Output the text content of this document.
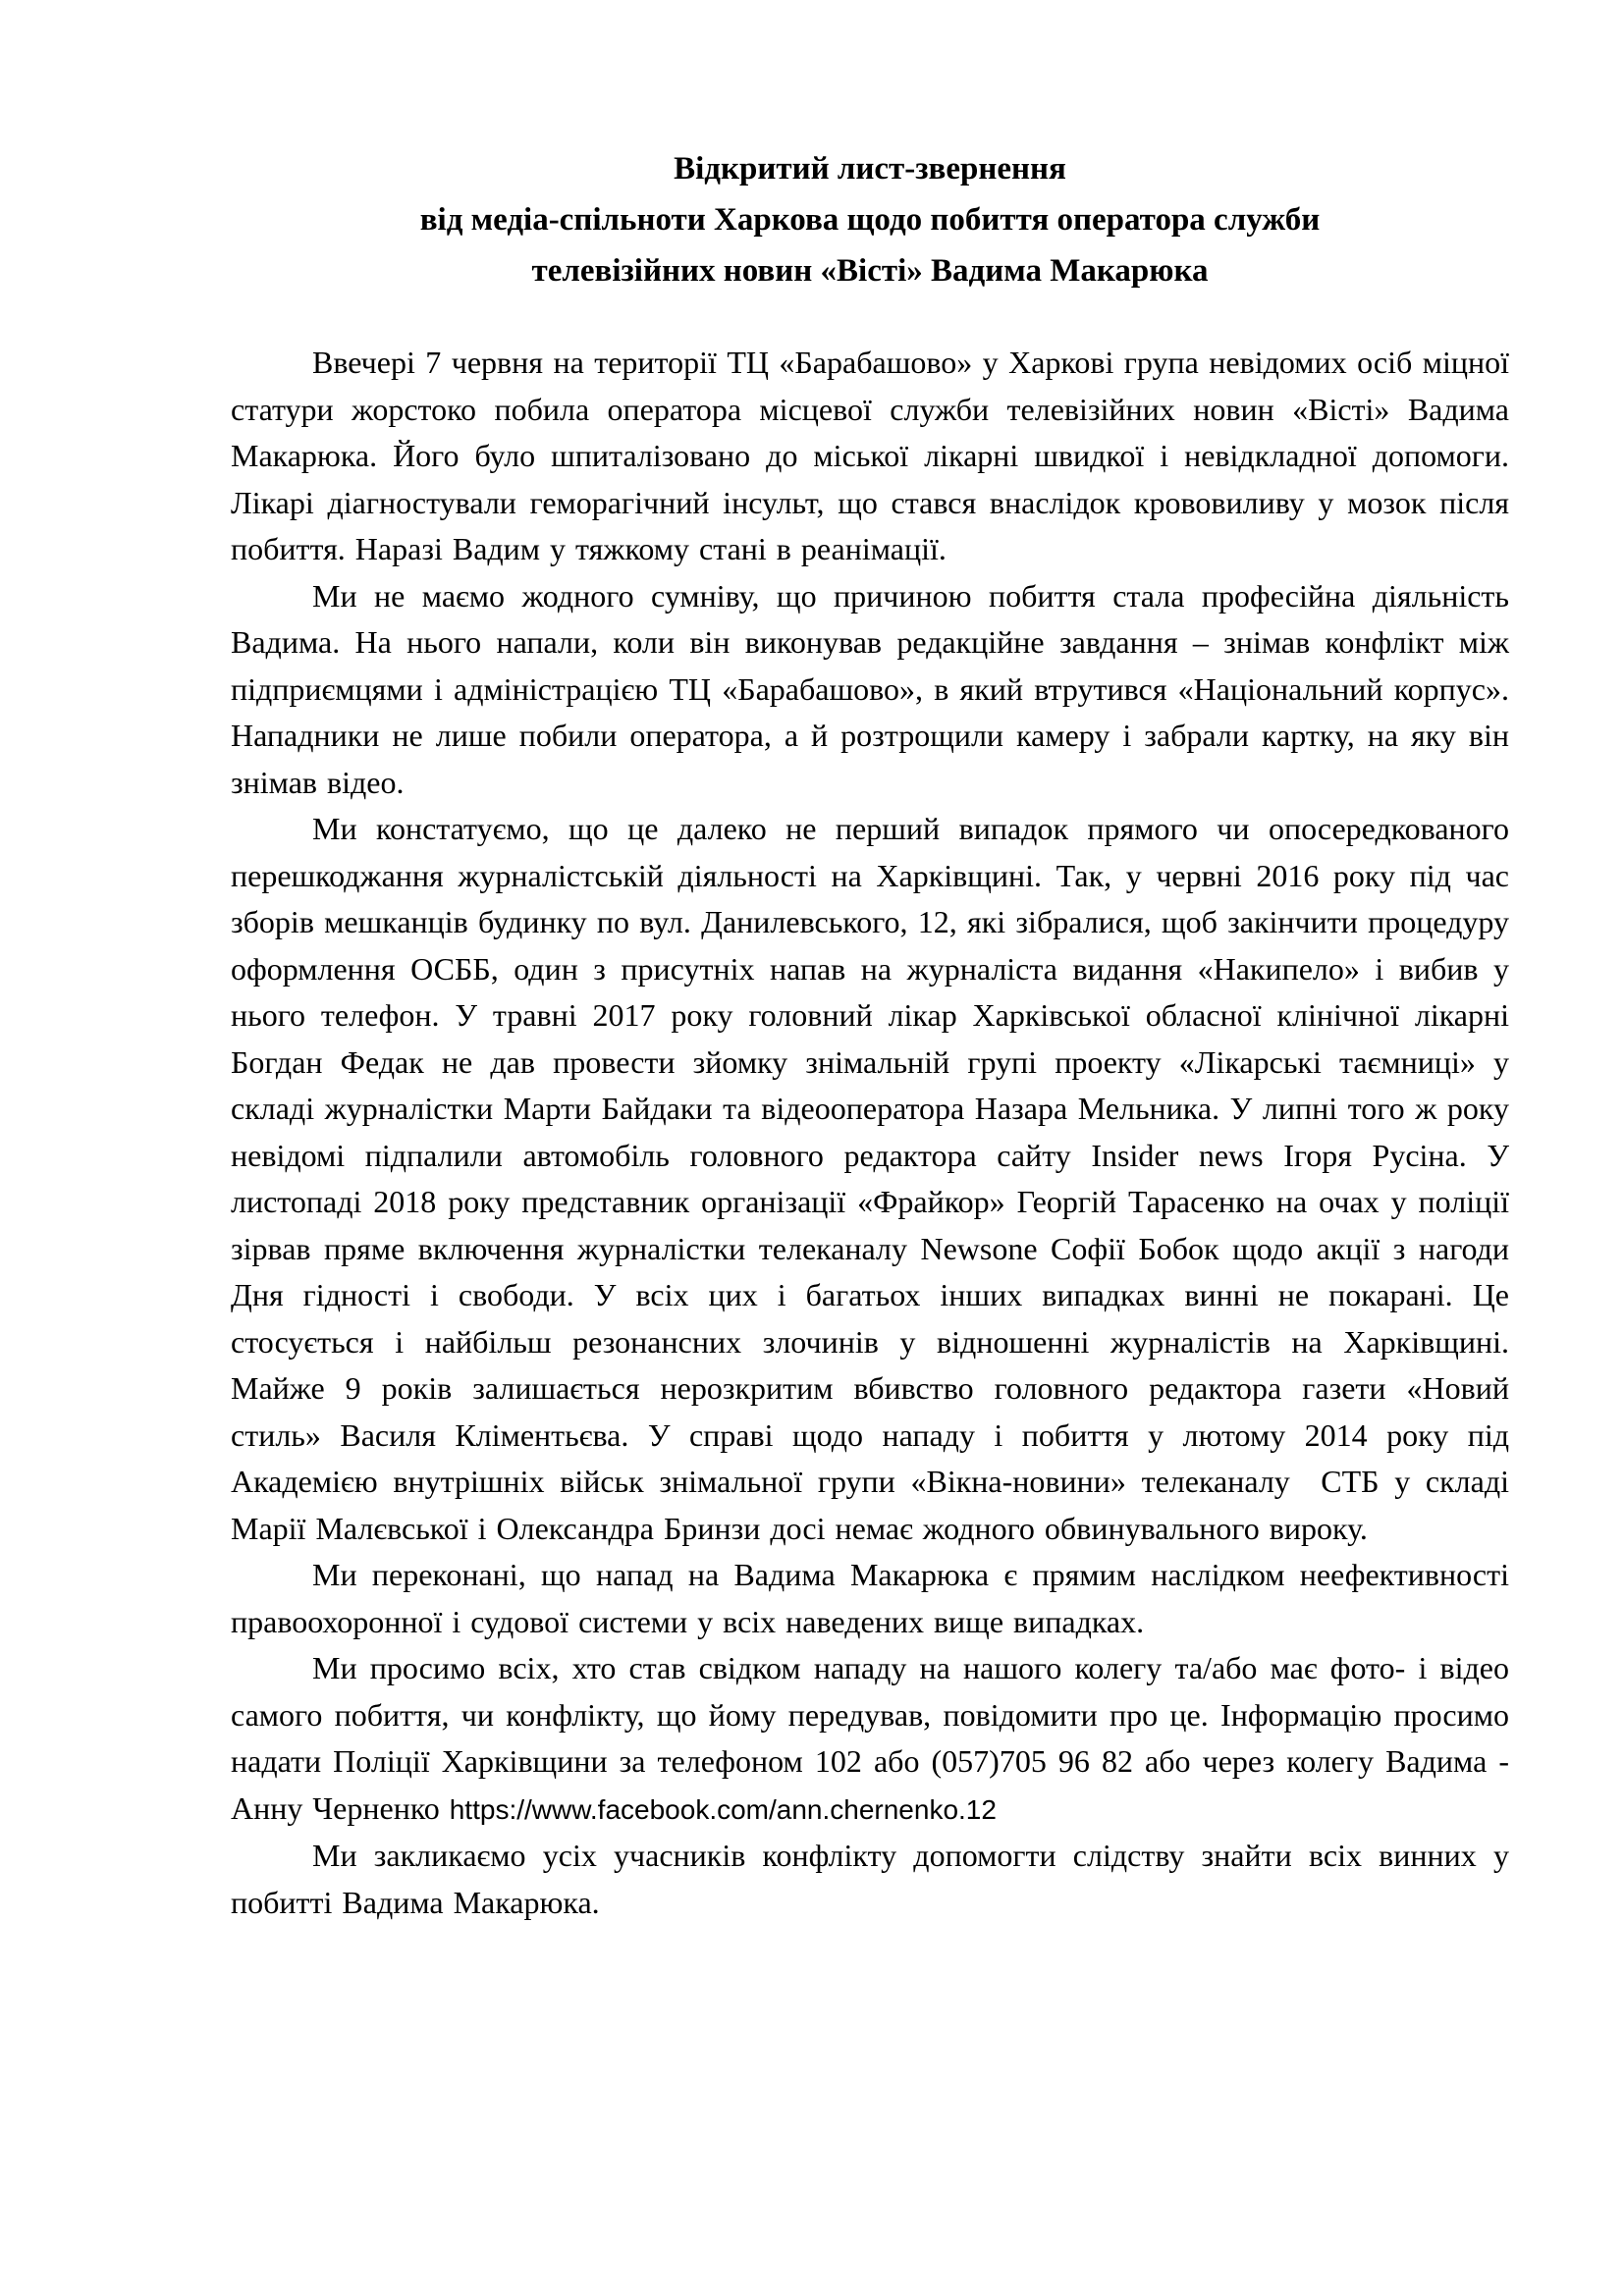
Відкритий лист-звернення
від медіа-спільноти Харкова щодо побиття оператора служби
телевізійних новин «Вісті» Вадима Макарюка

Ввечері 7 червня на території ТЦ «Барабашово» у Харкові група невідомих осіб міцної статури жорстоко побила оператора місцевої служби телевізійних новин «Вісті» Вадима Макарюка. Його було шпиталізовано до міської лікарні швидкої і невідкладної допомоги. Лікарі діагностували геморагічний інсульт, що стався внаслідок крововиливу у мозок після побиття. Наразі Вадим у тяжкому стані в реанімації.

Ми не маємо жодного сумніву, що причиною побиття стала професійна діяльність Вадима. На нього напали, коли він виконував редакційне завдання – знімав конфлікт між підприємцями і адміністрацією ТЦ «Барабашово», в який втрутився «Національний корпус». Нападники не лише побили оператора, а й розтрощили камеру і забрали картку, на яку він знімав відео.

Ми констатуємо, що це далеко не перший випадок прямого чи опосередкованого перешкоджання журналістській діяльності на Харківщині. Так, у червні 2016 року під час зборів мешканців будинку по вул. Данилевського, 12, які зібралися, щоб закінчити процедуру оформлення ОСББ, один з присутніх напав на журналіста видання «Накипело» і вибив у нього телефон. У травні 2017 року головний лікар Харківської обласної клінічної лікарні Богдан Федак не дав провести зйомку знімальній групі проекту «Лікарські таємниці» у складі журналістки Марти Байдаки та відеооператора Назара Мельника. У липні того ж року невідомі підпалили автомобіль головного редактора сайту Insider news Ігоря Русіна. У листопаді 2018 року представник організації «Фрайкор» Георгій Тарасенко на очах у поліції зірвав пряме включення журналістки телеканалу Newsone Софії Бобок щодо акції з нагоди Дня гідності і свободи. У всіх цих і багатьох інших випадках винні не покарані. Це стосується і найбільш резонансних злочинів у відношенні журналістів на Харківщині. Майже 9 років залишається нерозкритим вбивство головного редактора газети «Новий стиль» Василя Кліментьєва. У справі щодо нападу і побиття у лютому 2014 року під Академією внутрішніх військ знімальної групи «Вікна-новини» телеканалу  СТБ у складі Марії Малєвської і Олександра Бринзи досі немає жодного обвинувального вироку.

Ми переконані, що напад на Вадима Макарюка є прямим наслідком неефективності правоохоронної і судової системи у всіх наведених вище випадках.

Ми просимо всіх, хто став свідком нападу на нашого колегу та/або має фото- і відео самого побиття, чи конфлікту, що йому передував, повідомити про це. Інформацію просимо надати Поліції Харківщини за телефоном 102 або (057)705 96 82 або через колегу Вадима - Анну Черненко https://www.facebook.com/ann.chernenko.12

Ми закликаємо усіх учасників конфлікту допомогти слідству знайти всіх винних у побитті Вадима Макарюка.
